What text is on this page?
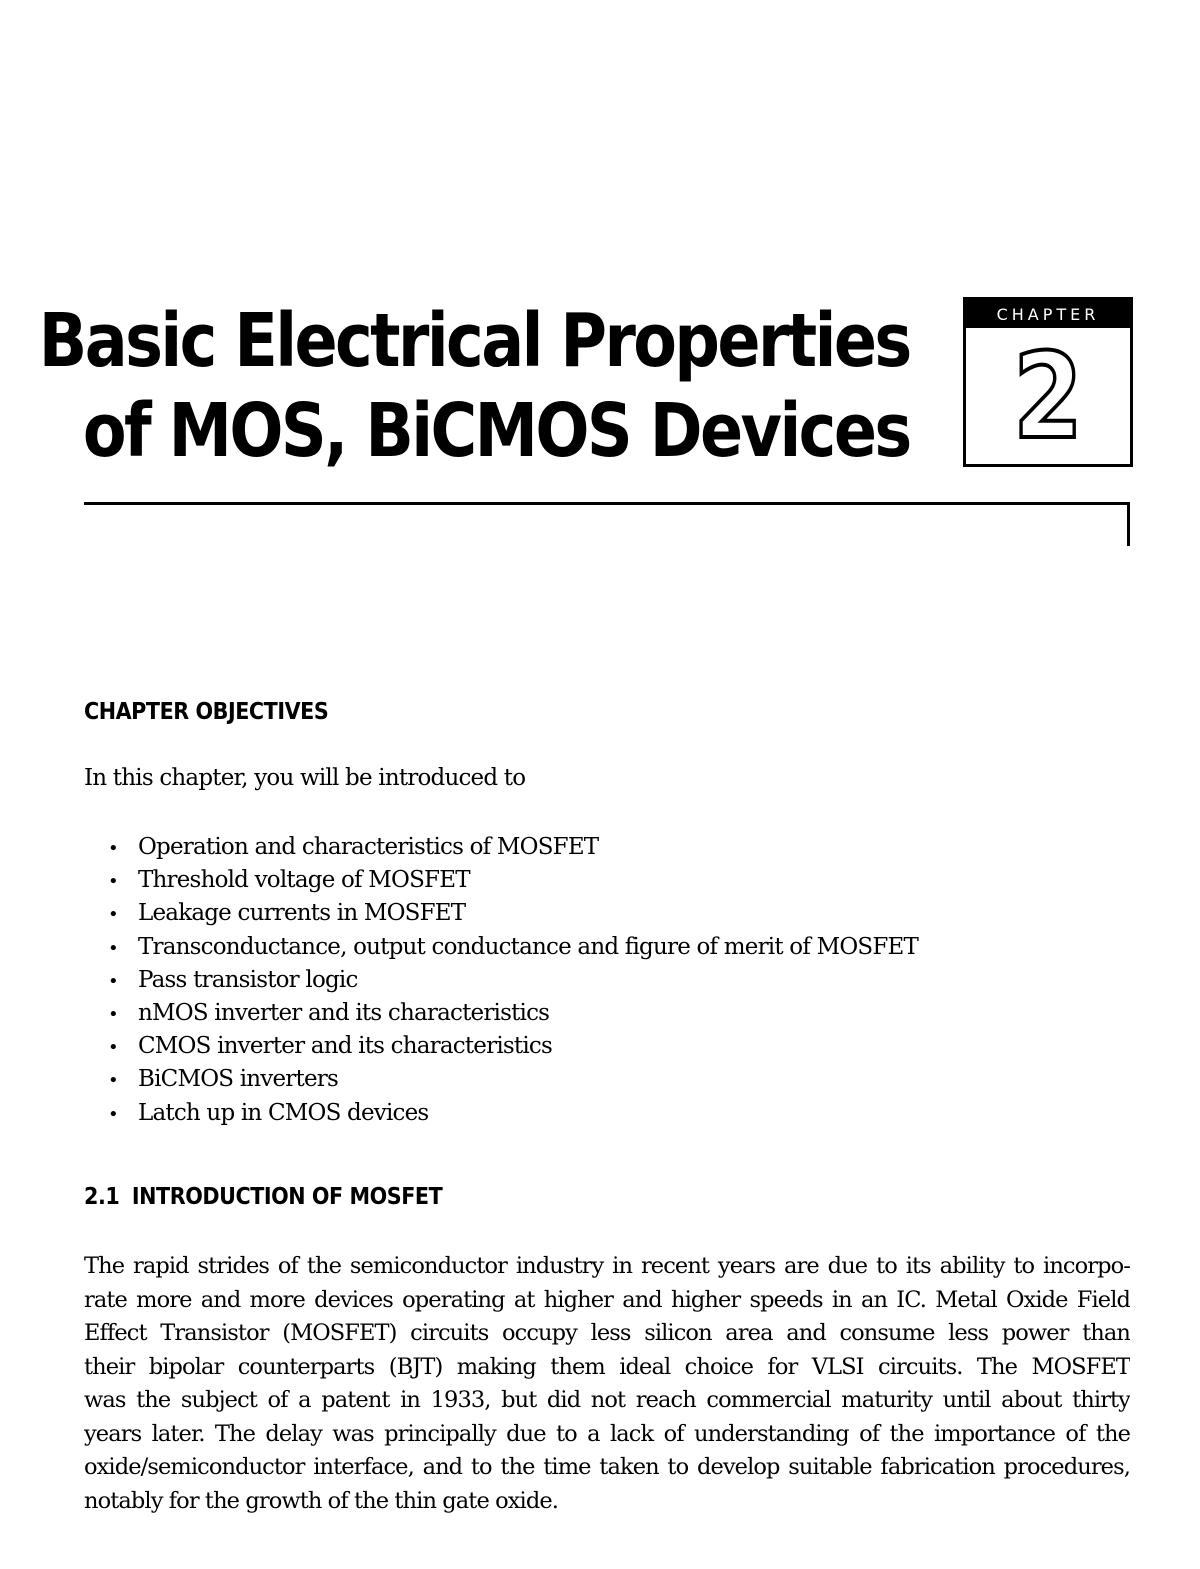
Basic Electrical Properties
of MOS, BiCMOS Devices
CHAPTER
2
CHAPTER OBJECTIVES
In this chapter, you will be introduced to
• Operation and characteristics of MOSFET
• Threshold voltage of MOSFET
• Leakage currents in MOSFET
• Transconductance, output conductance and figure of merit of MOSFET
• Pass transistor logic
• nMOS inverter and its characteristics
• CMOS inverter and its characteristics
• BiCMOS inverters
• Latch up in CMOS devices
2.1 INTRODUCTION OF MOSFET
The rapid strides of the semiconductor industry in recent years are due to its ability to incorpo-
rate more and more devices operating at higher and higher speeds in an IC. Metal Oxide Field
Effect Transistor (MOSFET) circuits occupy less silicon area and consume less power than
their bipolar counterparts (BJT) making them ideal choice for VLSI circuits. The MOSFET
was the subject of a patent in 1933, but did not reach commercial maturity until about thirty
years later. The delay was principally due to a lack of understanding of the importance of the
oxide/semiconductor interface, and to the time taken to develop suitable fabrication procedures,
notably for the growth of the thin gate oxide.
